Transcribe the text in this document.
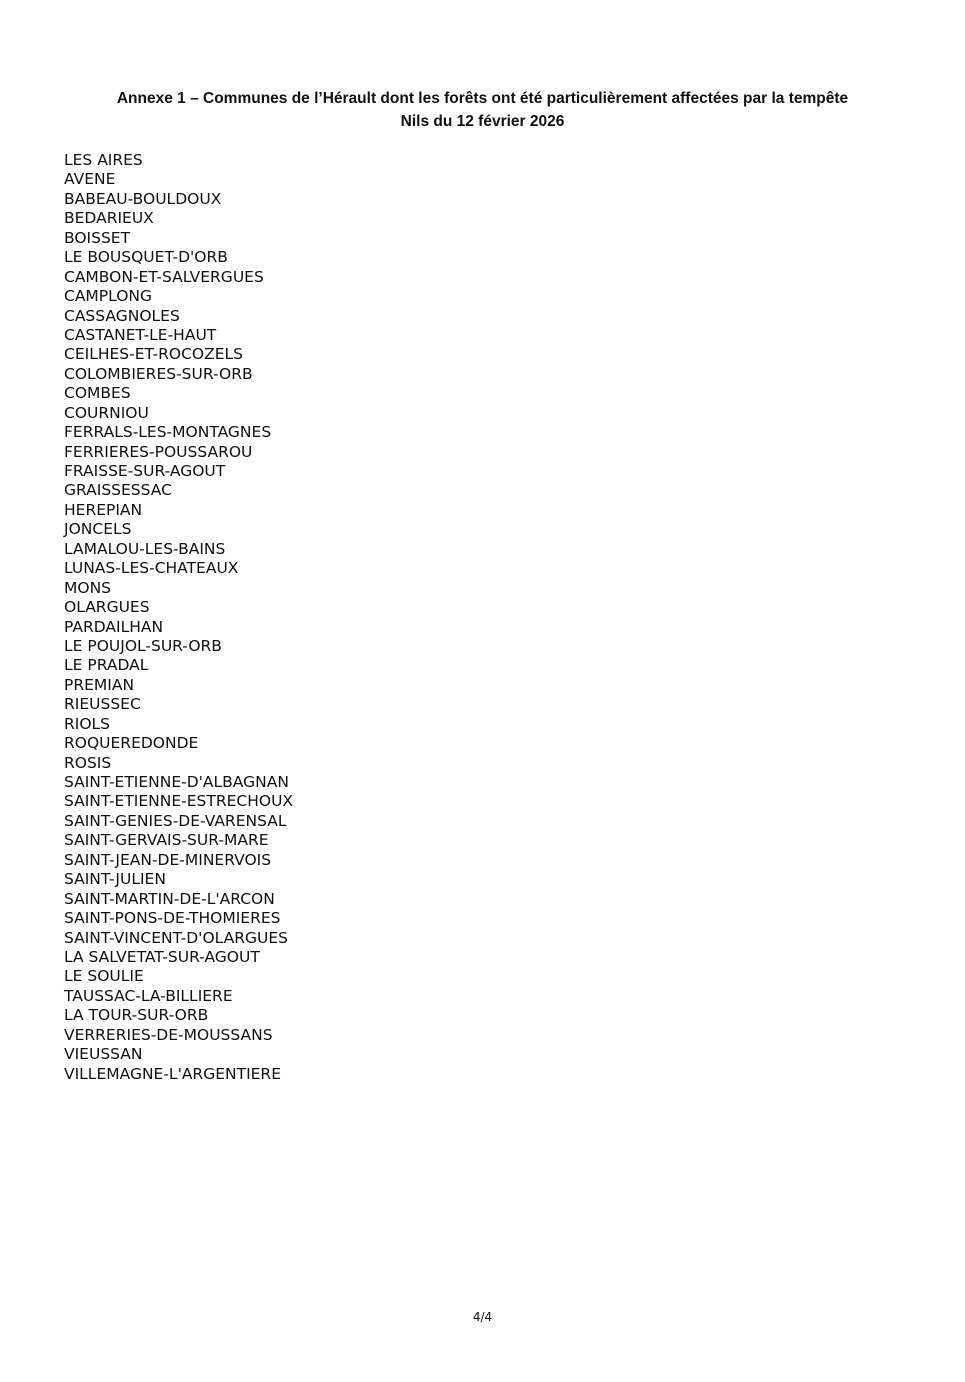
Annexe 1 – Communes de l’Hérault dont les forêts ont été particulièrement affectées par la tempête
Nils du 12 février 2026
LES AIRES
AVENE
BABEAU-BOULDOUX
BEDARIEUX
BOISSET
LE BOUSQUET-D'ORB
CAMBON-ET-SALVERGUES
CAMPLONG
CASSAGNOLES
CASTANET-LE-HAUT
CEILHES-ET-ROCOZELS
COLOMBIERES-SUR-ORB
COMBES
COURNIOU
FERRALS-LES-MONTAGNES
FERRIERES-POUSSAROU
FRAISSE-SUR-AGOUT
GRAISSESSAC
HEREPIAN
JONCELS
LAMALOU-LES-BAINS
LUNAS-LES-CHATEAUX
MONS
OLARGUES
PARDAILHAN
LE POUJOL-SUR-ORB
LE PRADAL
PREMIAN
RIEUSSEC
RIOLS
ROQUEREDONDE
ROSIS
SAINT-ETIENNE-D'ALBAGNAN
SAINT-ETIENNE-ESTRECHOUX
SAINT-GENIES-DE-VARENSAL
SAINT-GERVAIS-SUR-MARE
SAINT-JEAN-DE-MINERVOIS
SAINT-JULIEN
SAINT-MARTIN-DE-L'ARCON
SAINT-PONS-DE-THOMIERES
SAINT-VINCENT-D'OLARGUES
LA SALVETAT-SUR-AGOUT
LE SOULIE
TAUSSAC-LA-BILLIERE
LA TOUR-SUR-ORB
VERRERIES-DE-MOUSSANS
VIEUSSAN
VILLEMAGNE-L'ARGENTIERE
4/4
